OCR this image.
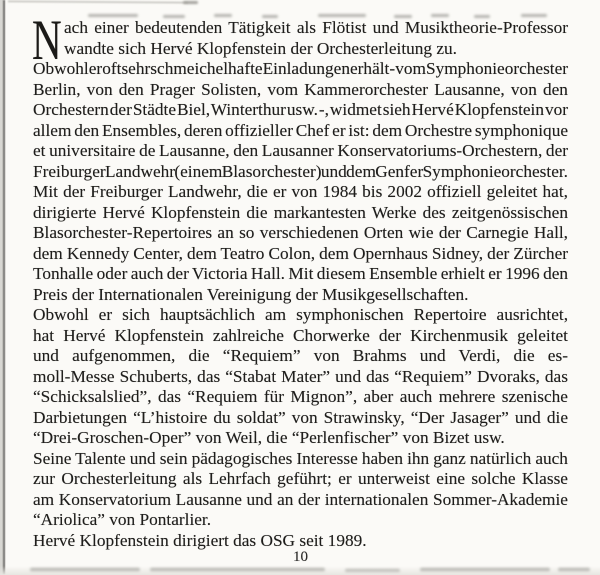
N ach einer bedeutenden Tätigkeit als Flötist und Musiktheorie-Professor
wandte sich Hervé Klopfenstein der Orchesterleitung zu.
Obwohl er oft sehr schmeichelhafte Einladungen erhält - vom Symphonieorchester
Berlin, von den Prager Solisten, vom Kammerorchester Lausanne, von den
Orchestern der Städte Biel, Winterthur usw. -, widmet sieh Hervé Klopfenstein vor
allem den Ensembles, deren offizieller Chef er ist: dem Orchestre symphonique
et universitaire de Lausanne, den Lausanner Konservatoriums-Orchestern, der
Freiburger Landwehr (einem Blasorchester) und dem Genfer Symphonieorchester.
Mit der Freiburger Landwehr, die er von 1984 bis 2002 offiziell geleitet hat,
dirigierte Hervé Klopfenstein die markantesten Werke des zeitgenössischen
Blasorchester-Repertoires an so verschiedenen Orten wie der Carnegie Hall,
dem Kennedy Center, dem Teatro Colon, dem Opernhaus Sidney, der Zürcher
Tonhalle oder auch der Victoria Hall. Mit diesem Ensemble erhielt er 1996 den
Preis der Internationalen Vereinigung der Musikgesellschaften.
Obwohl er sich hauptsächlich am symphonischen Repertoire ausrichtet,
hat Hervé Klopfenstein zahlreiche Chorwerke der Kirchenmusik geleitet
und aufgenommen, die “Requiem” von Brahms und Verdi, die es-
moll-Messe Schuberts, das “Stabat Mater” und das “Requiem” Dvoraks, das
“Schicksalslied”, das “Requiem für Mignon”, aber auch mehrere szenische
Darbietungen “L’histoire du soldat” von Strawinsky, “Der Jasager” und die
“Drei-Groschen-Oper” von Weil, die “Perlenfischer” von Bizet usw.
Seine Talente und sein pädagogisches Interesse haben ihn ganz natürlich auch
zur Orchesterleitung als Lehrfach geführt; er unterweist eine solche Klasse
am Konservatorium Lausanne und an der internationalen Sommer-Akademie
“Ariolica” von Pontarlier.
Hervé Klopfenstein dirigiert das OSG seit 1989.
10
